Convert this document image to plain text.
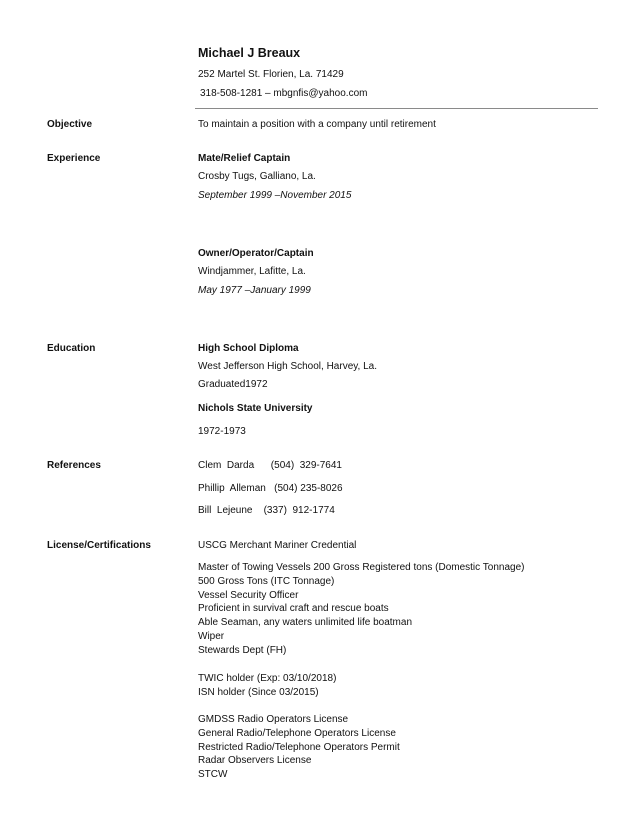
Michael J Breaux
252 Martel St. Florien, La. 71429
318-508-1281 – mbgnfis@yahoo.com
Objective	To maintain a position with a company until retirement
Experience	Mate/Relief Captain
Crosby Tugs, Galliano, La.
September 1999 –November 2015
Owner/Operator/Captain
Windjammer, Lafitte, La.
May 1977 –January 1999
Education	High School Diploma
West Jefferson High School, Harvey, La.
Graduated1972
Nichols State University
1972-1973
References	Clem  Darda      (504)  329-7641
Phillip  Alleman   (504) 235-8026
Bill  Lejeune    (337)  912-1774
License/Certifications	USCG Merchant Mariner Credential
Master of Towing Vessels 200 Gross Registered tons (Domestic Tonnage)
500 Gross Tons (ITC Tonnage)
Vessel Security Officer
Proficient in survival craft and rescue boats
Able Seaman, any waters unlimited life boatman
Wiper
Stewards Dept (FH)
TWIC holder (Exp: 03/10/2018)
ISN holder (Since 03/2015)
GMDSS Radio Operators License
General Radio/Telephone Operators License
Restricted Radio/Telephone Operators Permit
Radar Observers License
STCW
